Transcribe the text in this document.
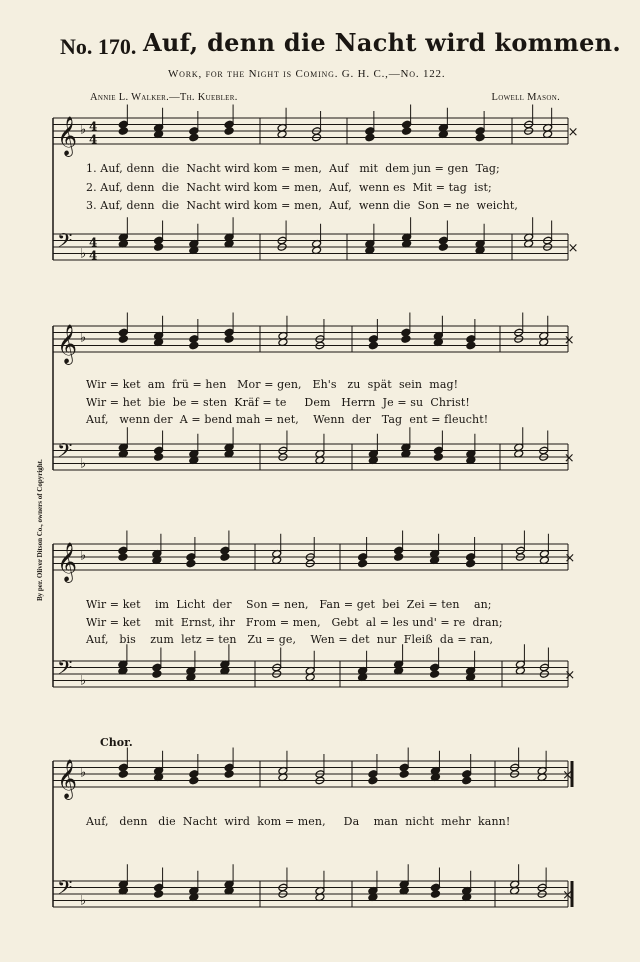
No. 170. Auf, denn die Nacht wird kommen.
Work, for the Night is Coming. G. H. C.,—No. 122.
Annie L. Walker.—Th. Kuebler.	Lowell Mason.
By per. Oliver Ditson Co., owners of Copyright.
Chor.
𝄞 ♭ 4
4
𝄢 ♭
4
4
×
×
𝄞 ♭
𝄢 ♭
×
×
𝄞 ♭
𝄢 ♭
×
×
𝄞 ♭
𝄢 ♭
×
×
1. Auf, denn  die  Nacht wird kom = men,  Auf   mit  dem jun = gen  Tag;
2. Auf, denn  die  Nacht wird kom = men,  Auf,  wenn es  Mit = tag  ist;
3. Auf, denn  die  Nacht wird kom = men,  Auf,  wenn die  Son = ne  weicht,
Wir = ket  am  frü = hen   Mor = gen,   Eh's   zu  spät  sein  mag!
Wir = het  bie  be = sten  Kräf = te     Dem   Herrn  Je = su  Christ!
Auf,   wenn der  A = bend mah = net,    Wenn  der   Tag  ent = fleucht!
Wir = ket    im  Licht  der    Son = nen,   Fan = get  bei  Zei = ten    an;
Wir = ket    mit  Ernst, ihr   From = men,   Gebt  al = les und' = re  dran;
Auf,   bis    zum  letz = ten   Zu = ge,    Wen = det  nur  Fleiß  da = ran,
Auf,   denn   die  Nacht  wird  kom = men,     Da    man  nicht  mehr  kann!
